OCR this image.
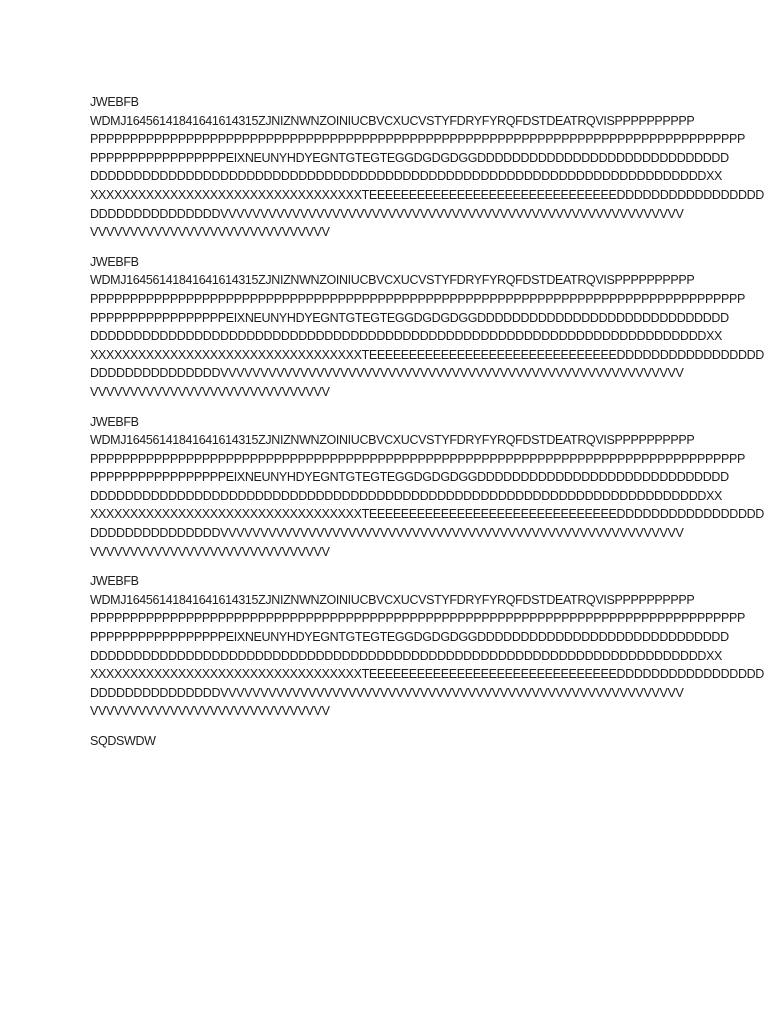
JWEBFB
WDMJ16456141841641614315ZJNIZNWNZOINIUCBVCXUCVSTYFDRYFYRQFDSTDEATRQVISPPPPPPPPPP
PPPPPPPPPPPPPPPPPPPPPPPPPPPPPPPPPPPPPPPPPPPPPPPPPPPPPPPPPPPPPPPPPPPPPPPPPPPPPPPPPP
PPPPPPPPPPPPPPPPPEIXNEUNYHDYEGNTGTEGTEGGDGDGDGGDDDDDDDDDDDDDDDDDDDDDDDDDDDDD
DDDDDDDDDDDDDDDDDDDDDDDDDDDDDDDDDDDDDDDDDDDDDDDDDDDDDDDDDDDDDDDDDDDDDDDXX
XXXXXXXXXXXXXXXXXXXXXXXXXXXXXXXXXXTEEEEEEEEEEEEEEEEEEEEEEEEEEEEEEEDDDDDDDDDDDDDDDDD
DDDDDDDDDDDDDDDVVVVVVVVVVVVVVVVVVVVVVVVVVVVVVVVVVVVVVVVVVVVVVVVVVVVVVVVVV
VVVVVVVVVVVVVVVVVVVVVVVVVVVVVV
JWEBFB
WDMJ16456141841641614315ZJNIZNWNZOINIUCBVCXUCVSTYFDRYFYRQFDSTDEATRQVISPPPPPPPPPP
PPPPPPPPPPPPPPPPPPPPPPPPPPPPPPPPPPPPPPPPPPPPPPPPPPPPPPPPPPPPPPPPPPPPPPPPPPPPPPPPPP
PPPPPPPPPPPPPPPPPEIXNEUNYHDYEGNTGTEGTEGGDGDGDGGDDDDDDDDDDDDDDDDDDDDDDDDDDDDD
DDDDDDDDDDDDDDDDDDDDDDDDDDDDDDDDDDDDDDDDDDDDDDDDDDDDDDDDDDDDDDDDDDDDDDDXX
XXXXXXXXXXXXXXXXXXXXXXXXXXXXXXXXXXTEEEEEEEEEEEEEEEEEEEEEEEEEEEEEEEDDDDDDDDDDDDDDDDD
DDDDDDDDDDDDDDDVVVVVVVVVVVVVVVVVVVVVVVVVVVVVVVVVVVVVVVVVVVVVVVVVVVVVVVVVV
VVVVVVVVVVVVVVVVVVVVVVVVVVVVVV
JWEBFB
WDMJ16456141841641614315ZJNIZNWNZOINIUCBVCXUCVSTYFDRYFYRQFDSTDEATRQVISPPPPPPPPPP
PPPPPPPPPPPPPPPPPPPPPPPPPPPPPPPPPPPPPPPPPPPPPPPPPPPPPPPPPPPPPPPPPPPPPPPPPPPPPPPPPP
PPPPPPPPPPPPPPPPPEIXNEUNYHDYEGNTGTEGTEGGDGDGDGGDDDDDDDDDDDDDDDDDDDDDDDDDDDDD
DDDDDDDDDDDDDDDDDDDDDDDDDDDDDDDDDDDDDDDDDDDDDDDDDDDDDDDDDDDDDDDDDDDDDDDXX
XXXXXXXXXXXXXXXXXXXXXXXXXXXXXXXXXXTEEEEEEEEEEEEEEEEEEEEEEEEEEEEEEEDDDDDDDDDDDDDDDDD
DDDDDDDDDDDDDDDVVVVVVVVVVVVVVVVVVVVVVVVVVVVVVVVVVVVVVVVVVVVVVVVVVVVVVVVVV
VVVVVVVVVVVVVVVVVVVVVVVVVVVVVV
JWEBFB
WDMJ16456141841641614315ZJNIZNWNZOINIUCBVCXUCVSTYFDRYFYRQFDSTDEATRQVISPPPPPPPPPP
PPPPPPPPPPPPPPPPPPPPPPPPPPPPPPPPPPPPPPPPPPPPPPPPPPPPPPPPPPPPPPPPPPPPPPPPPPPPPPPPPP
PPPPPPPPPPPPPPPPPEIXNEUNYHDYEGNTGTEGTEGGDGDGDGGDDDDDDDDDDDDDDDDDDDDDDDDDDDDD
DDDDDDDDDDDDDDDDDDDDDDDDDDDDDDDDDDDDDDDDDDDDDDDDDDDDDDDDDDDDDDDDDDDDDDDXX
XXXXXXXXXXXXXXXXXXXXXXXXXXXXXXXXXXTEEEEEEEEEEEEEEEEEEEEEEEEEEEEEEEDDDDDDDDDDDDDDDDD
DDDDDDDDDDDDDDDVVVVVVVVVVVVVVVVVVVVVVVVVVVVVVVVVVVVVVVVVVVVVVVVVVVVVVVVVV
VVVVVVVVVVVVVVVVVVVVVVVVVVVVVV
SQDSWDW
